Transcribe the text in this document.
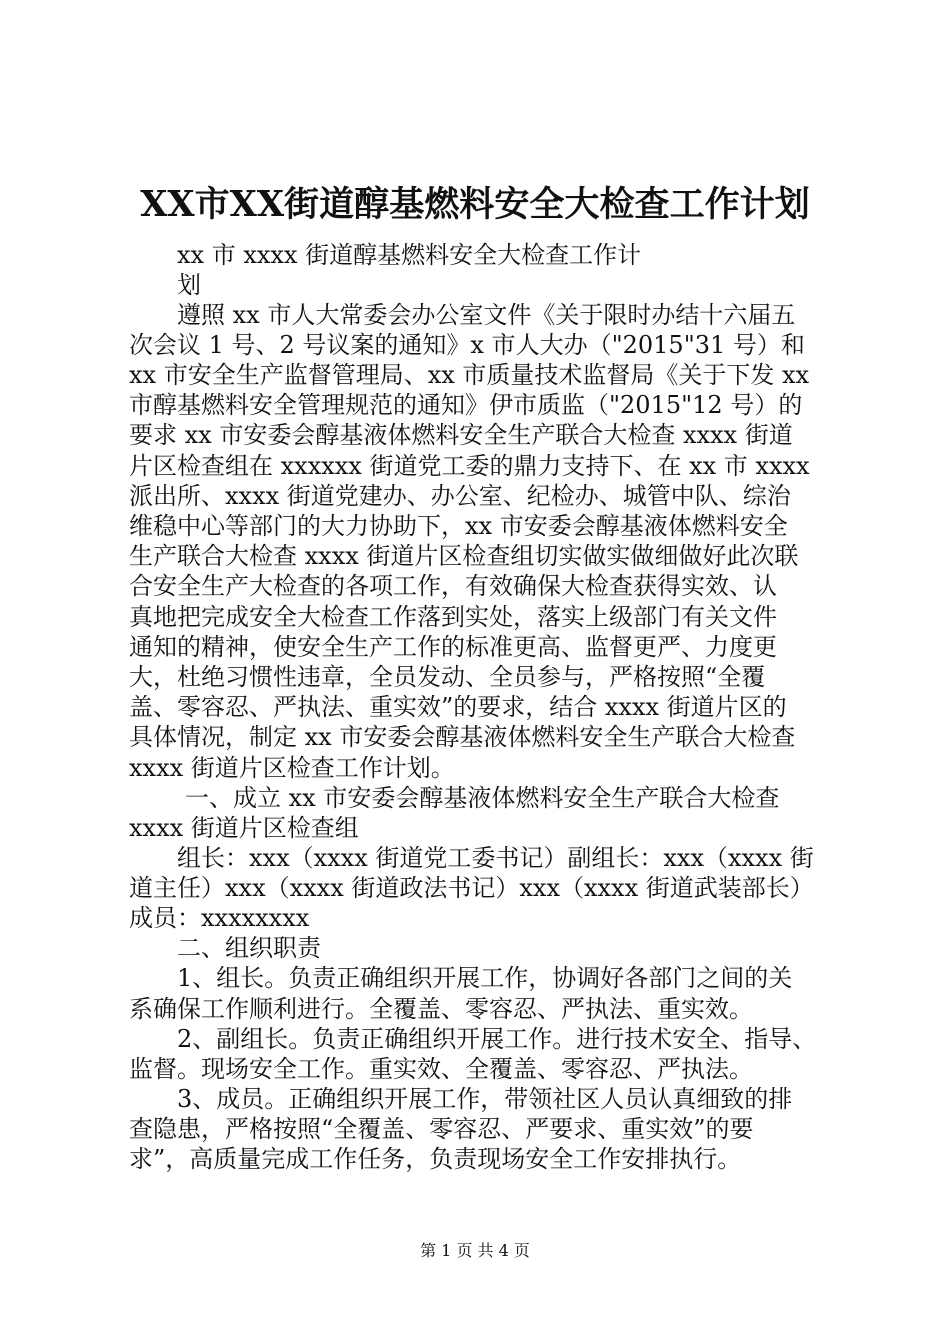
XX市XX街道醇基燃料安全大检查工作计划
xx 市 xxxx 街道醇基燃料安全大检查工作计
划
遵照 xx 市人大常委会办公室文件《关于限时办结十六届五
次会议 1 号、2 号议案的通知》x 市人大办（"2015"31 号）和
xx 市安全生产监督管理局、xx 市质量技术监督局《关于下发 xx
市醇基燃料安全管理规范的通知》伊市质监（"2015"12 号）的
要求 xx 市安委会醇基液体燃料安全生产联合大检查 xxxx 街道
片区检查组在 xxxxxx 街道党工委的鼎力支持下、在 xx 市 xxxx
派出所、xxxx 街道党建办、办公室、纪检办、城管中队、综治
维稳中心等部门的大力协助下，xx 市安委会醇基液体燃料安全
生产联合大检查 xxxx 街道片区检查组切实做实做细做好此次联
合安全生产大检查的各项工作，有效确保大检查获得实效、认
真地把完成安全大检查工作落到实处，落实上级部门有关文件
通知的精神，使安全生产工作的标准更高、监督更严、力度更
大，杜绝习惯性违章，全员发动、全员参与，严格按照“全覆
盖、零容忍、严执法、重实效”的要求，结合 xxxx 街道片区的
具体情况，制定 xx 市安委会醇基液体燃料安全生产联合大检查
xxxx 街道片区检查工作计划。
一、成立 xx 市安委会醇基液体燃料安全生产联合大检查
xxxx 街道片区检查组
组长：xxx（xxxx 街道党工委书记）副组长：xxx（xxxx 街
道主任）xxx（xxxx 街道政法书记）xxx（xxxx 街道武装部长）
成员：xxxxxxxx
二、组织职责
1、组长。负责正确组织开展工作，协调好各部门之间的关
系确保工作顺利进行。全覆盖、零容忍、严执法、重实效。
2、副组长。负责正确组织开展工作。进行技术安全、指导、
监督。现场安全工作。重实效、全覆盖、零容忍、严执法。
3、成员。正确组织开展工作，带领社区人员认真细致的排
查隐患，严格按照“全覆盖、零容忍、严要求、重实效”的要
求”，高质量完成工作任务，负责现场安全工作安排执行。
第 1 页 共 4 页
